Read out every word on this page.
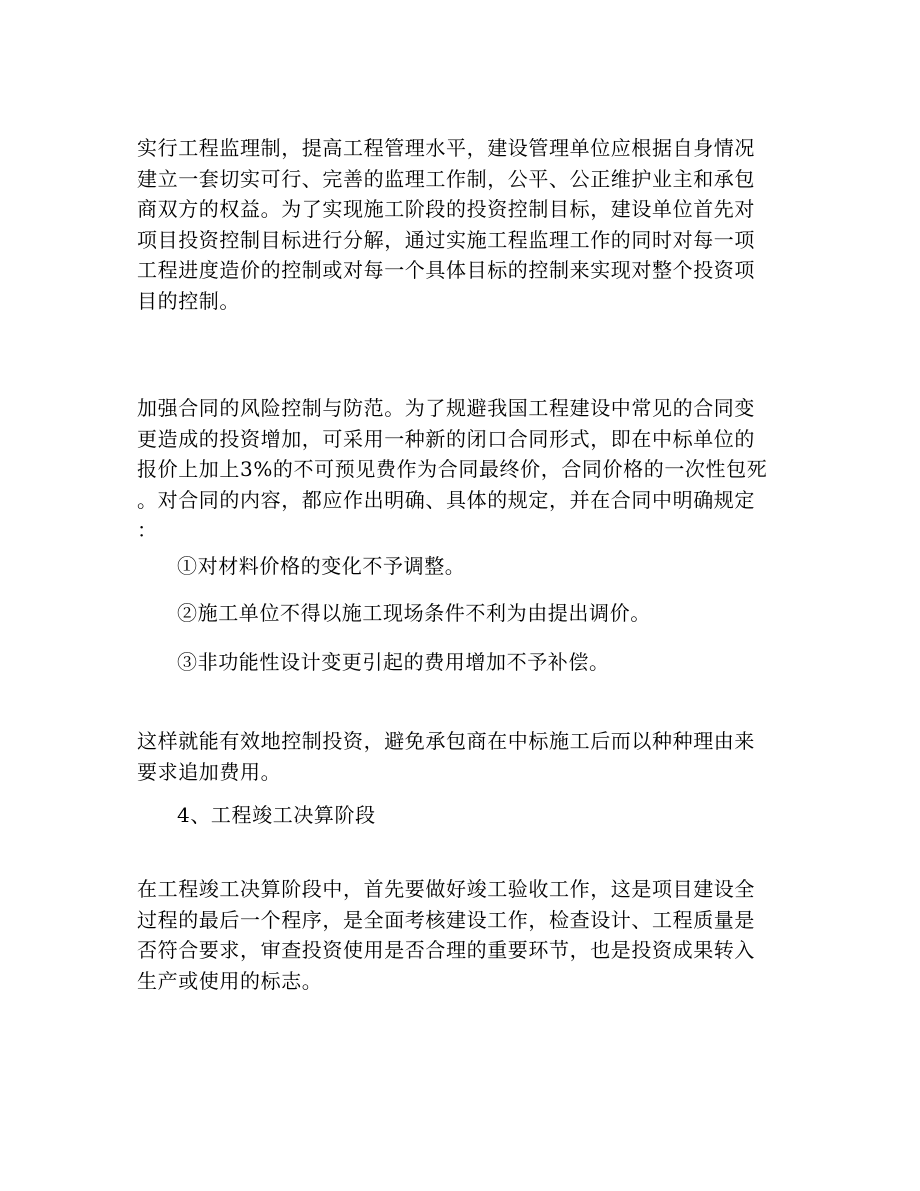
实行工程监理制，提高工程管理水平，建设管理单位应根据自身情况
建立一套切实可行、完善的监理工作制，公平、公正维护业主和承包
商双方的权益。为了实现施工阶段的投资控制目标，建设单位首先对
项目投资控制目标进行分解，通过实施工程监理工作的同时对每一项
工程进度造价的控制或对每一个具体目标的控制来实现对整个投资项
目的控制。

加强合同的风险控制与防范。为了规避我国工程建设中常见的合同变
更造成的投资增加，可采用一种新的闭口合同形式，即在中标单位的
报价上加上3%的不可预见费作为合同最终价，合同价格的一次性包死
。对合同的内容，都应作出明确、具体的规定，并在合同中明确规定
：

①对材料价格的变化不予调整。

②施工单位不得以施工现场条件不利为由提出调价。

③非功能性设计变更引起的费用增加不予补偿。

这样就能有效地控制投资，避免承包商在中标施工后而以种种理由来
要求追加费用。

4、工程竣工决算阶段

在工程竣工决算阶段中，首先要做好竣工验收工作，这是项目建设全
过程的最后一个程序，是全面考核建设工作，检查设计、工程质量是
否符合要求，审查投资使用是否合理的重要环节，也是投资成果转入
生产或使用的标志。
